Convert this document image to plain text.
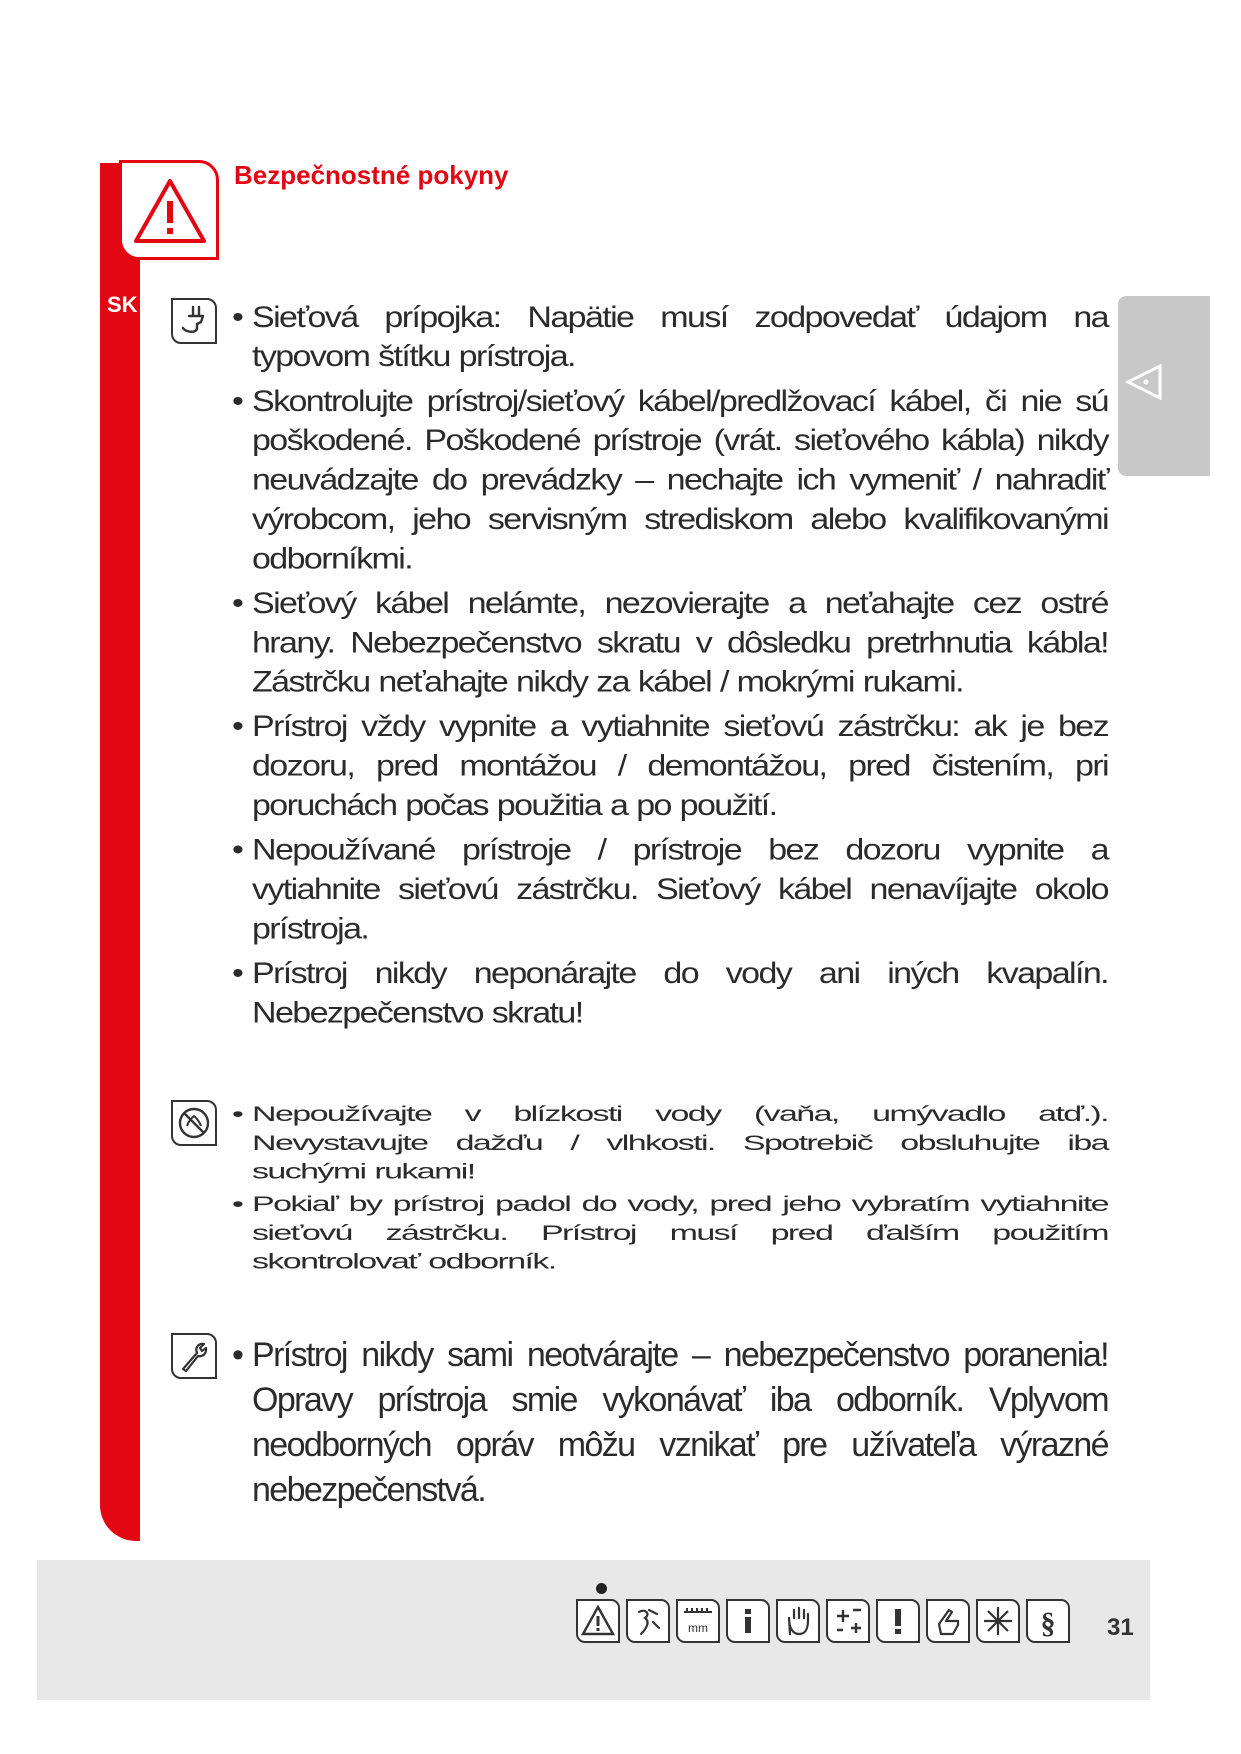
Bezpečnostné pokyny
SK
•	Sieťová prípojka: Napätie musí zodpovedať údajom na typovom štítku prístroja.
• Skontrolujte prístroj/sieťový kábel/predlžovací kábel, či nie sú poškodené. Poškodené prístroje (vrát. sieťového kábla) nikdy neuvádzajte do prevádzky – nechajte ich vymeniť / nahradiť výrobcom, jeho servisným strediskom alebo kvalifikovanými odborníkmi.
• Sieťový kábel nelámte, nezovierajte a neťahajte cez ostré hrany. Nebezpečenstvo skratu v dôsledku pretrhnutia kábla! Zástrčku neťahajte nikdy za kábel / mokrými rukami.
• Prístroj vždy vypnite a vytiahnite sieťovú zástrčku: ak je bez dozoru, pred montážou / demontážou, pred čistením, pri poruchách počas použitia a po použití.
• Nepoužívané prístroje / prístroje bez dozoru vypnite a vytiahnite sieťovú zástrčku. Sieťový kábel nenavíjajte okolo prístroja.
• Prístroj nikdy neponárajte do vody ani iných kvapalín. Nebezpečenstvo skratu!
• Nepoužívajte v blízkosti vody (vaňa, umývadlo atď.). Nevystavujte dažďu / vlhkosti. Spotrebič obsluhujte iba suchými rukami!
• Pokiaľ by prístroj padol do vody, pred jeho vybratím vytiahnite sieťovú zástrčku. Prístroj musí pred ďalším použitím skontrolovať odborník.
• Prístroj nikdy sami neotvárajte – nebezpečenstvo poranenia! Opravy prístroja smie vykonávať iba odborník. Vplyvom neodborných opráv môžu vznikať pre užívateľa výrazné nebezpečenstvá.
mm	§ 31
